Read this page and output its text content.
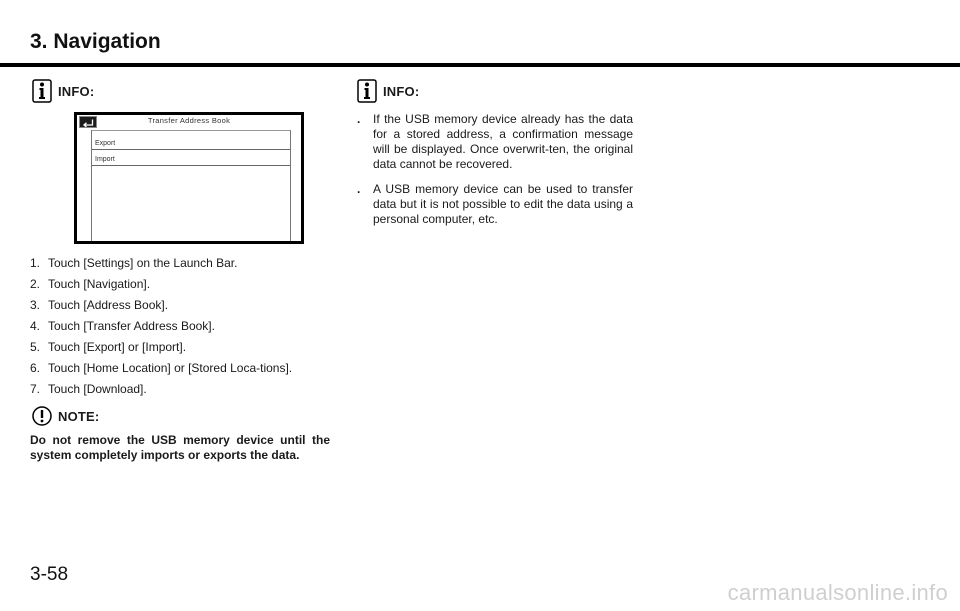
3. Navigation
INFO:
Transfer Address Book
Export
Import
1. Touch [Settings] on the Launch Bar.
2. Touch [Navigation].
3. Touch [Address Book].
4. Touch [Transfer Address Book].
5. Touch [Export] or [Import].
6. Touch [Home Location] or [Stored Loca-tions].
7. Touch [Download].
NOTE:

Do not remove the USB memory device until the system completely imports or exports the data.

INFO:
.	If the USB memory device already has the data for a stored address, a confirmation message will be displayed. Once overwrit-ten, the original data cannot be recovered.
.	A USB memory device can be used to transfer data but it is not possible to edit the data using a personal computer, etc.
3-58
carmanualsonline.info
